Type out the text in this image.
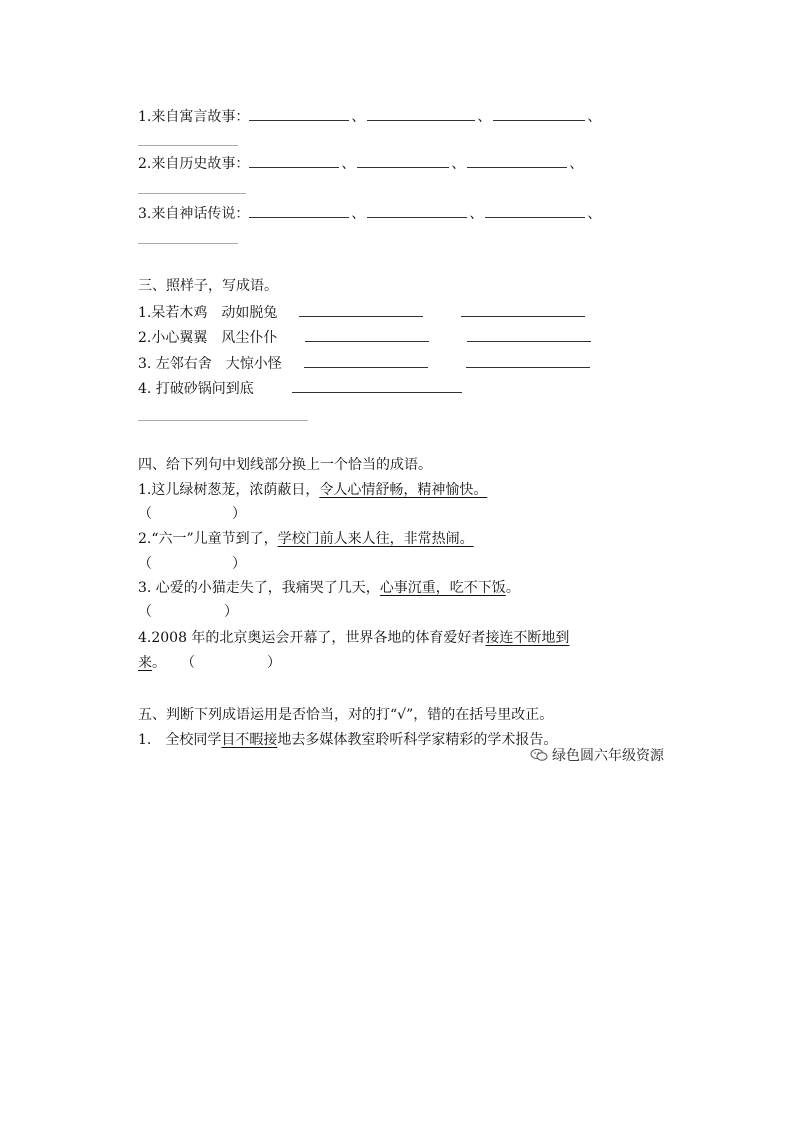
1.来自寓言故事：	、	、	、
2.来自历史故事：	、	、	、
3.来自神话传说：	、	、	、
三、照样子，写成语。
1.呆若木鸡　动如脱兔
2.小心翼翼　风尘仆仆
3. 左邻右舍　大惊小怪
4. 打破砂锅问到底
四、给下列句中划线部分换上一个恰当的成语。
1.这儿绿树葱茏，浓荫蔽日，令人心情舒畅，精神愉快。
（	）
2.“六一”儿童节到了，学校门前人来人往，非常热闹。
（	）
3. 心爱的小猫走失了，我痛哭了几天，心事沉重，吃不下饭。
（	）
4.2008 年的北京奥运会开幕了，世界各地的体育爱好者接连不断地到
来。 （	）
五、判断下列成语运用是否恰当，对的打“√”，错的在括号里改正。
1.　全校同学目不暇接地去多媒体教室聆听科学家精彩的学术报告。
绿色圆六年级资源
